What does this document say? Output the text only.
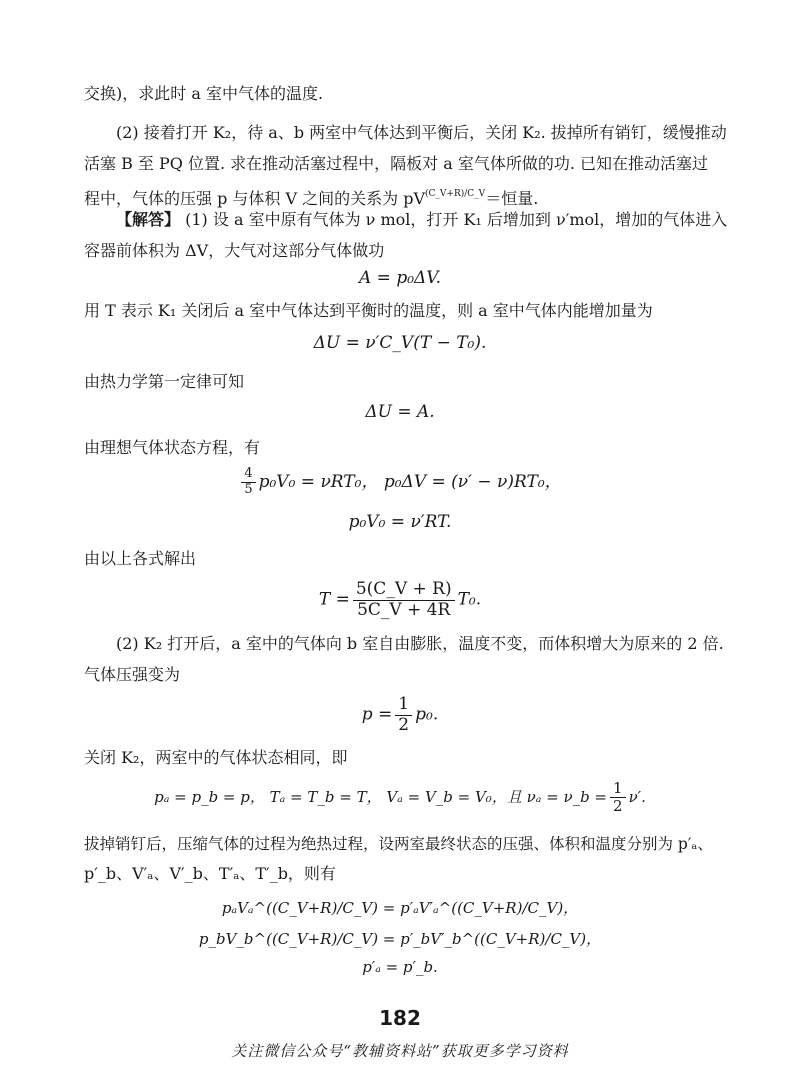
交换)，求此时 a 室中气体的温度.
(2) 接着打开 K₂，待 a、b 两室中气体达到平衡后，关闭 K₂. 拔掉所有销钉，缓慢推动
活塞 B 至 PQ 位置. 求在推动活塞过程中，隔板对 a 室气体所做的功. 已知在推动活塞过
程中，气体的压强 p 与体积 V 之间的关系为 $pV^{(C\_V+R)/C\_V}=$恒量.
【解答】 (1) 设 a 室中原有气体为 ν mol，打开 K₁ 后增加到 ν′mol，增加的气体进入
容器前体积为 ΔV，大气对这部分气体做功
A = p₀ΔV.
用 T 表示 K₁ 关闭后 a 室中气体达到平衡时的温度，则 a 室中气体内能增加量为
ΔU = ν′C_V(T − T₀).
由热力学第一定律可知
ΔU = A.
由理想气体状态方程，有
$\frac{4}{5} p_0V_0 = \nu RT_0$， p₀ΔV = (ν′ − ν)RT₀，
p₀V₀ = ν′RT.
由以上各式解出
$T = \frac{5(C\_V + R)}{5C\_V + 4R} T_0$.
(2) K₂ 打开后，a 室中的气体向 b 室自由膨胀，温度不变，而体积增大为原来的 2 倍.
气体压强变为
$p = \frac{1}{2} p_0$.
关闭 K₂，两室中的气体状态相同，即
pₐ = p_b = p， Tₐ = T_b = T， Vₐ = V_b = V₀，且 νₐ = ν_b = $\frac{1}{2} \nu'$.
拔掉销钉后，压缩气体的过程为绝热过程，设两室最终状态的压强、体积和温度分别为 p′ₐ、
p′_b、V′ₐ、V′_b、T′ₐ、T′_b，则有
pₐVₐ^((C_V+R)/C_V) = p′ₐV′ₐ^((C_V+R)/C_V)，
p_bV_b^((C_V+R)/C_V) = p′_bV′_b^((C_V+R)/C_V)，
p′ₐ = p′_b.
182
关注微信公众号“教辅资料站”获取更多学习资料
